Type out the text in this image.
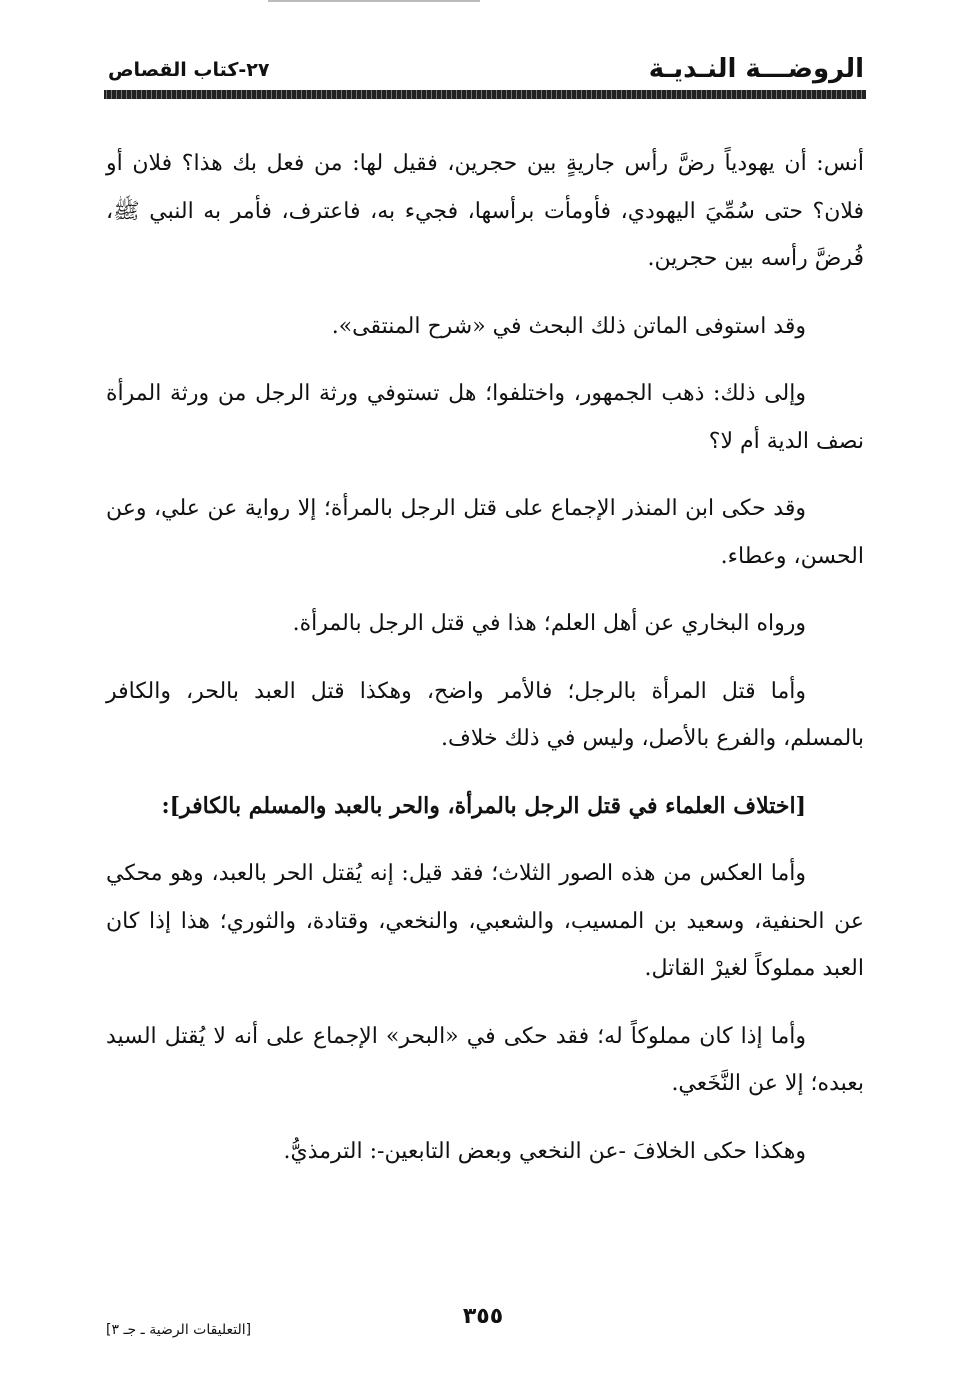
الروضـــة النـديـة
٢٧-كتاب القصاص

أنس: أن يهودياً رضَّ رأس جاريةٍ بين حجرين، فقيل لها: من فعل بك هذا؟ فلان أو فلان؟ حتى سُمِّيَ اليهودي، فأومأت برأسها، فجيء به، فاعترف، فأمر به النبي ﷺ، فُرضَّ رأسه بين حجرين.

وقد استوفى الماتن ذلك البحث في «شرح المنتقى».

وإلى ذلك: ذهب الجمهور، واختلفوا؛ هل تستوفي ورثة الرجل من ورثة المرأة نصف الدية أم لا؟

وقد حكى ابن المنذر الإجماع على قتل الرجل بالمرأة؛ إلا رواية عن علي، وعن الحسن، وعطاء.

ورواه البخاري عن أهل العلم؛ هذا في قتل الرجل بالمرأة.

وأما قتل المرأة بالرجل؛ فالأمر واضح، وهكذا قتل العبد بالحر، والكافر بالمسلم، والفرع بالأصل، وليس في ذلك خلاف.

[اختلاف العلماء في قتل الرجل بالمرأة، والحر بالعبد والمسلم بالكافر]:

وأما العكس من هذه الصور الثلاث؛ فقد قيل: إنه يُقتل الحر بالعبد، وهو محكي عن الحنفية، وسعيد بن المسيب، والشعبي، والنخعي، وقتادة، والثوري؛ هذا إذا كان العبد مملوكاً لغيرْ القاتل.

وأما إذا كان مملوكاً له؛ فقد حكى في «البحر» الإجماع على أنه لا يُقتل السيد بعبده؛ إلا عن النَّخَعي.

وهكذا حكى الخلافَ -عن النخعي وبعض التابعين-: الترمذيُّ.

٣٥٥
[التعليقات الرضية ـ جـ ٣]
